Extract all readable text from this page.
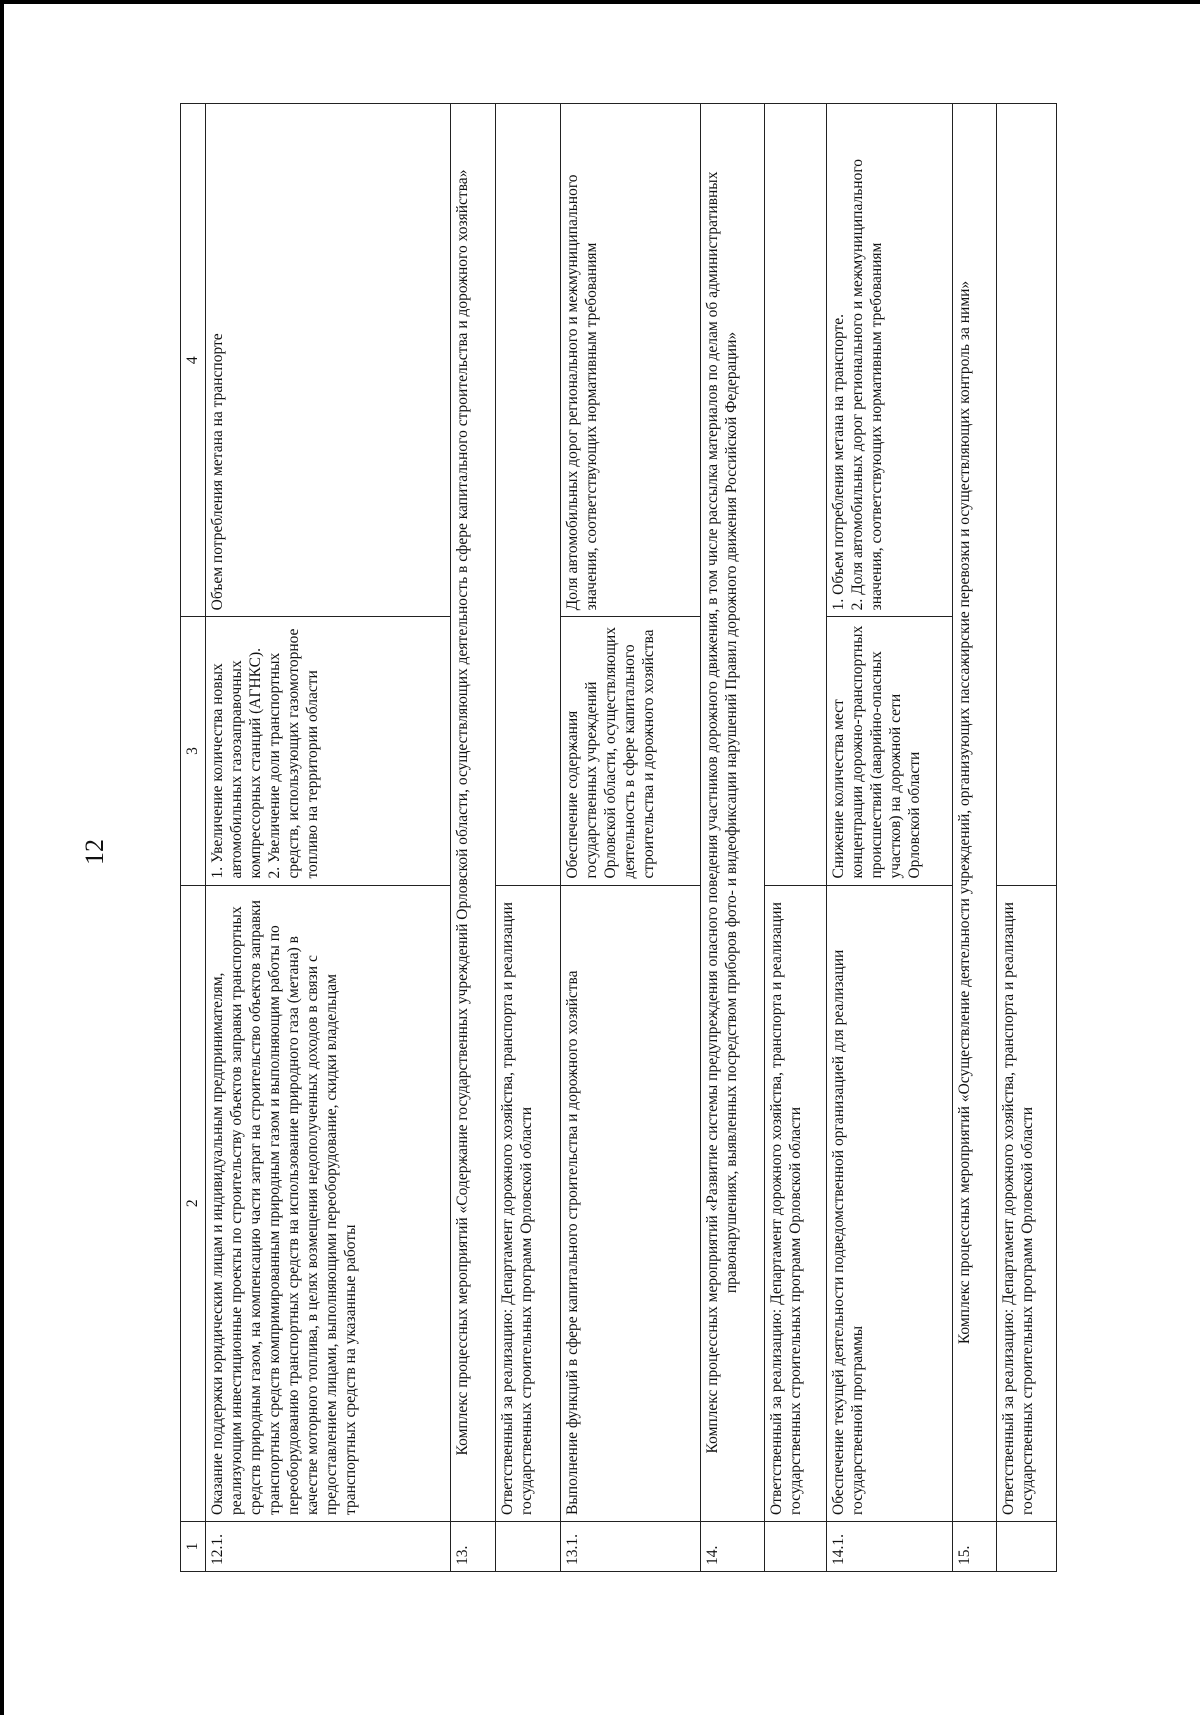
12
1	2	3	4
12.1.	Оказание поддержки юридическим лицам и индивидуальным предпринимателям, реализующим инвестиционные проекты по строительству объектов заправки транспортных средств природным газом, на компенсацию части затрат на строительство объектов заправки транспортных средств компримированным природным газом и выполняющим работы по переоборудованию транспортных средств на использование природного газа (метана) в качестве моторного топлива, в целях возмещения недополученных доходов в связи с предоставлением лицами, выполняющими переоборудование, скидки владельцам транспортных средств на указанные работы	1. Увеличение количества новых автомобильных газозаправочных компрессорных станций (АГНКС). 2. Увеличение доли транспортных средств, использующих газомоторное топливо на территории области	Объем потребления метана на транспорте
13.	Комплекс процессных мероприятий «Содержание государственных учреждений Орловской области, осуществляющих деятельность в сфере капитального строительства и дорожного хозяйства»		
	Ответственный за реализацию: Департамент дорожного хозяйства, транспорта и реализации государственных строительных программ Орловской области		
13.1.	Выполнение функций в сфере капитального строительства и дорожного хозяйства	Обеспечение содержания государственных учреждений Орловской области, осуществляющих деятельность в сфере капитального строительства и дорожного хозяйства	Доля автомобильных дорог регионального и межмуниципального значения, соответствующих нормативным требованиям
14.	Комплекс процессных мероприятий «Развитие системы предупреждения опасного поведения участников дорожного движения, в том числе рассылка материалов по делам об административных правонарушениях, выявленных посредством приборов фото- и видеофиксации нарушений Правил дорожного движения Российской Федерации»		
	Ответственный за реализацию: Департамент дорожного хозяйства, транспорта и реализации государственных строительных программ Орловской области		
14.1.	Обеспечение текущей деятельности подведомственной организацией для реализации государственной программы	Снижение количества мест концентрации дорожно-транспортных происшествий (аварийно-опасных участков) на дорожной сети Орловской области	1. Объем потребления метана на транспорте. 2. Доля автомобильных дорог регионального и межмуниципального значения, соответствующих нормативным требованиям

15.	Комплекс процессных мероприятий «Осуществление деятельности учреждений, организующих пассажирские перевозки и осуществляющих контроль за ними»		
	Ответственный за реализацию: Департамент дорожного хозяйства, транспорта и реализации государственных строительных программ Орловской области		
